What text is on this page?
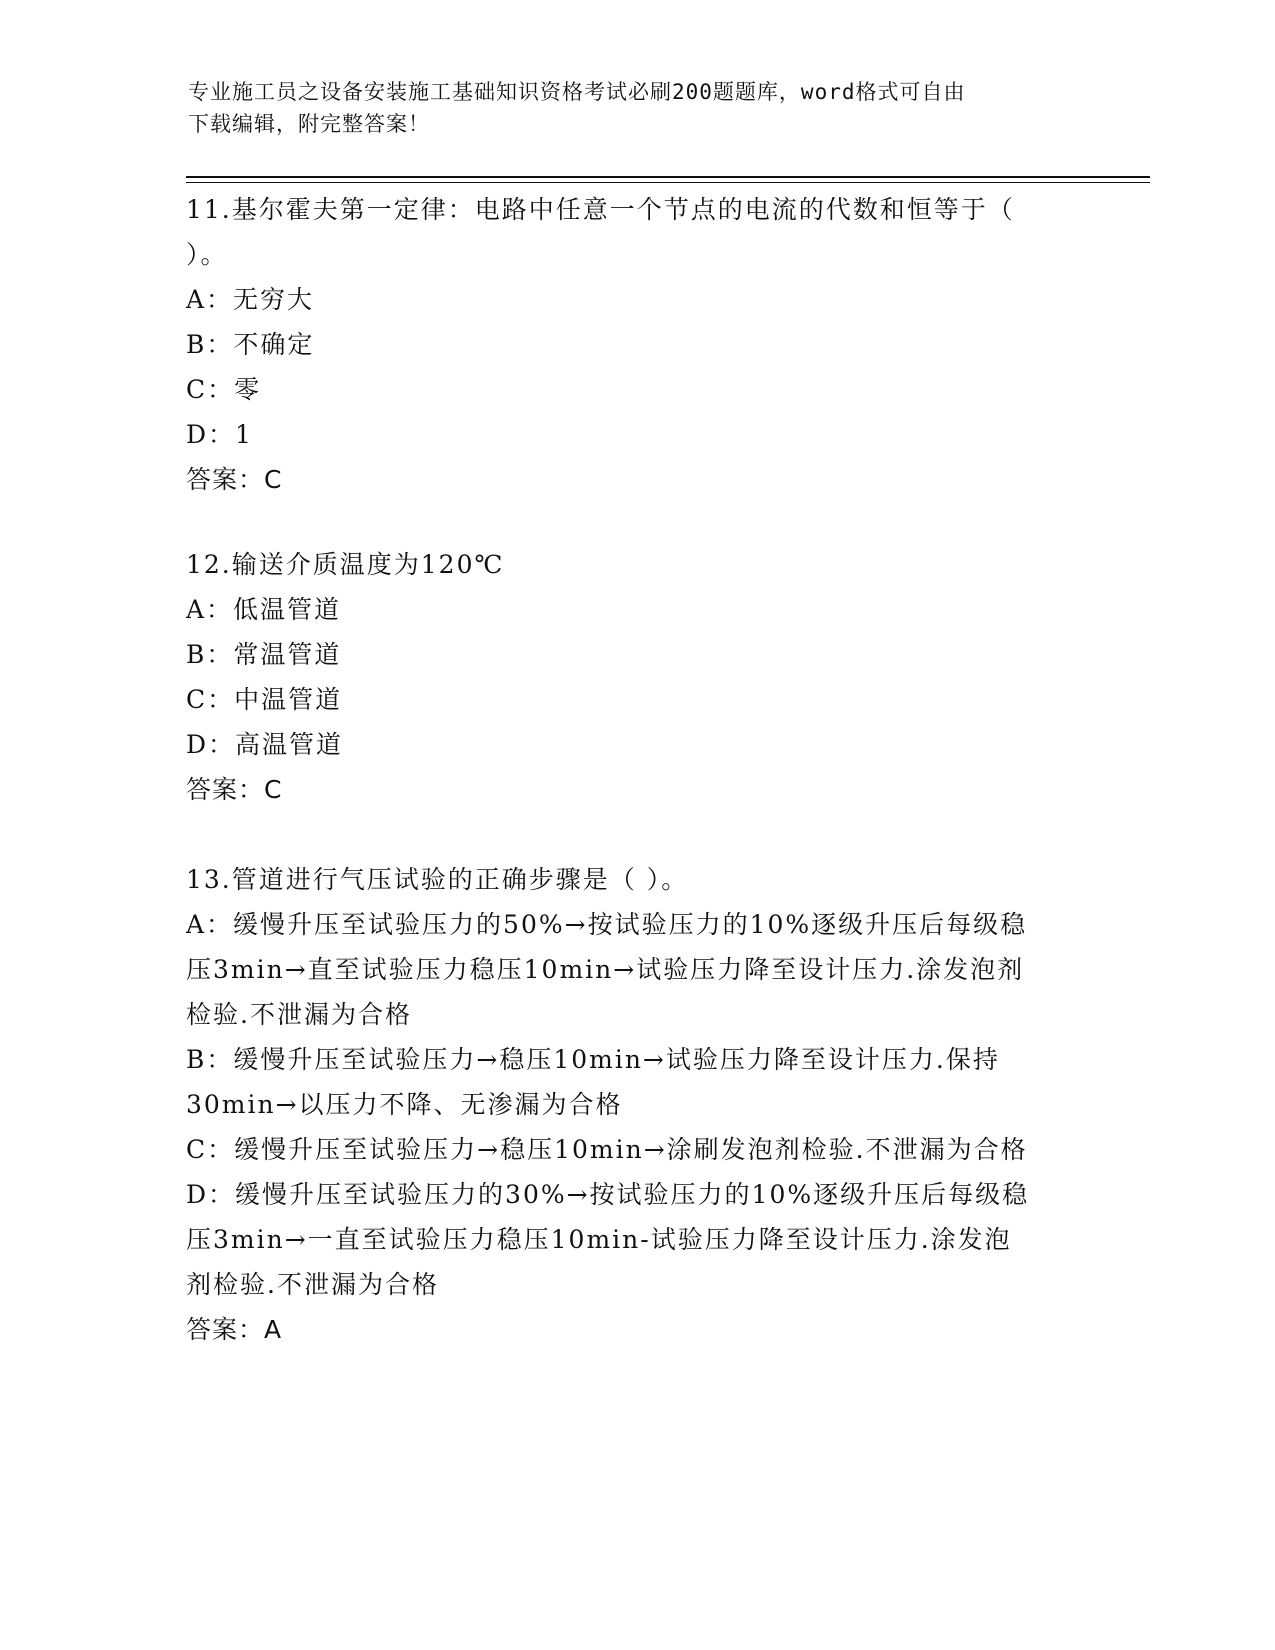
专业施工员之设备安装施工基础知识资格考试必刷200题题库，word格式可自由
下载编辑，附完整答案！
11.基尔霍夫第一定律：电路中任意一个节点的电流的代数和恒等于（
）。
A：无穷大
B：不确定
C：零
D：1
答案：C
12.输送介质温度为120℃
A：低温管道
B：常温管道
C：中温管道
D：高温管道
答案：C
13.管道进行气压试验的正确步骤是（ ）。
A：缓慢升压至试验压力的50%→按试验压力的10%逐级升压后每级稳
压3min→直至试验压力稳压10min→试验压力降至设计压力.涂发泡剂
检验.不泄漏为合格
B：缓慢升压至试验压力→稳压10min→试验压力降至设计压力.保持
30min→以压力不降、无渗漏为合格
C：缓慢升压至试验压力→稳压10min→涂刷发泡剂检验.不泄漏为合格
D：缓慢升压至试验压力的30%→按试验压力的10%逐级升压后每级稳
压3min→一直至试验压力稳压10min-试验压力降至设计压力.涂发泡
剂检验.不泄漏为合格
答案：A
